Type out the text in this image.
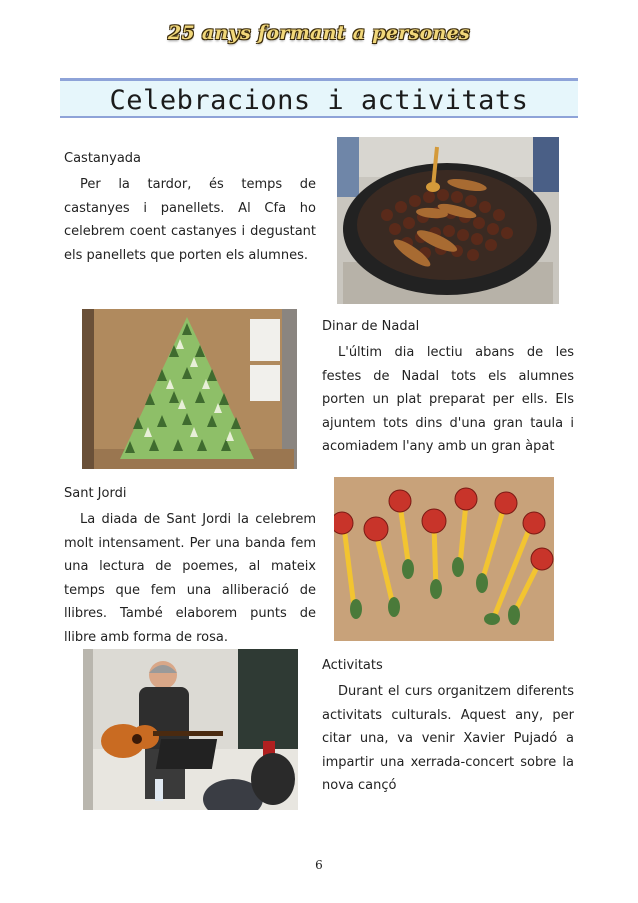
25 anys formant a persones
Celebracions i activitats
Castanyada
Per la tardor, és temps de castanyes i panellets. Al Cfa ho celebrem coent castanyes i degustant els panellets que porten els alumnes.
Dinar de Nadal
L'últim dia lectiu abans de les festes de Nadal tots els alumnes porten un plat preparat per ells. Els ajuntem tots dins d'una gran taula i acomiadem l'any amb un gran àpat
Sant Jordi
La diada de Sant Jordi la celebrem molt intensament. Per una banda fem una lectura de poemes, al mateix temps que fem una alliberació de llibres. També elaborem punts de llibre amb forma de rosa.
Activitats
Durant el curs organitzem diferents activitats culturals. Aquest any, per citar una, va venir Xavier Pujadó a impartir una xerrada-concert sobre la nova cançó
6
